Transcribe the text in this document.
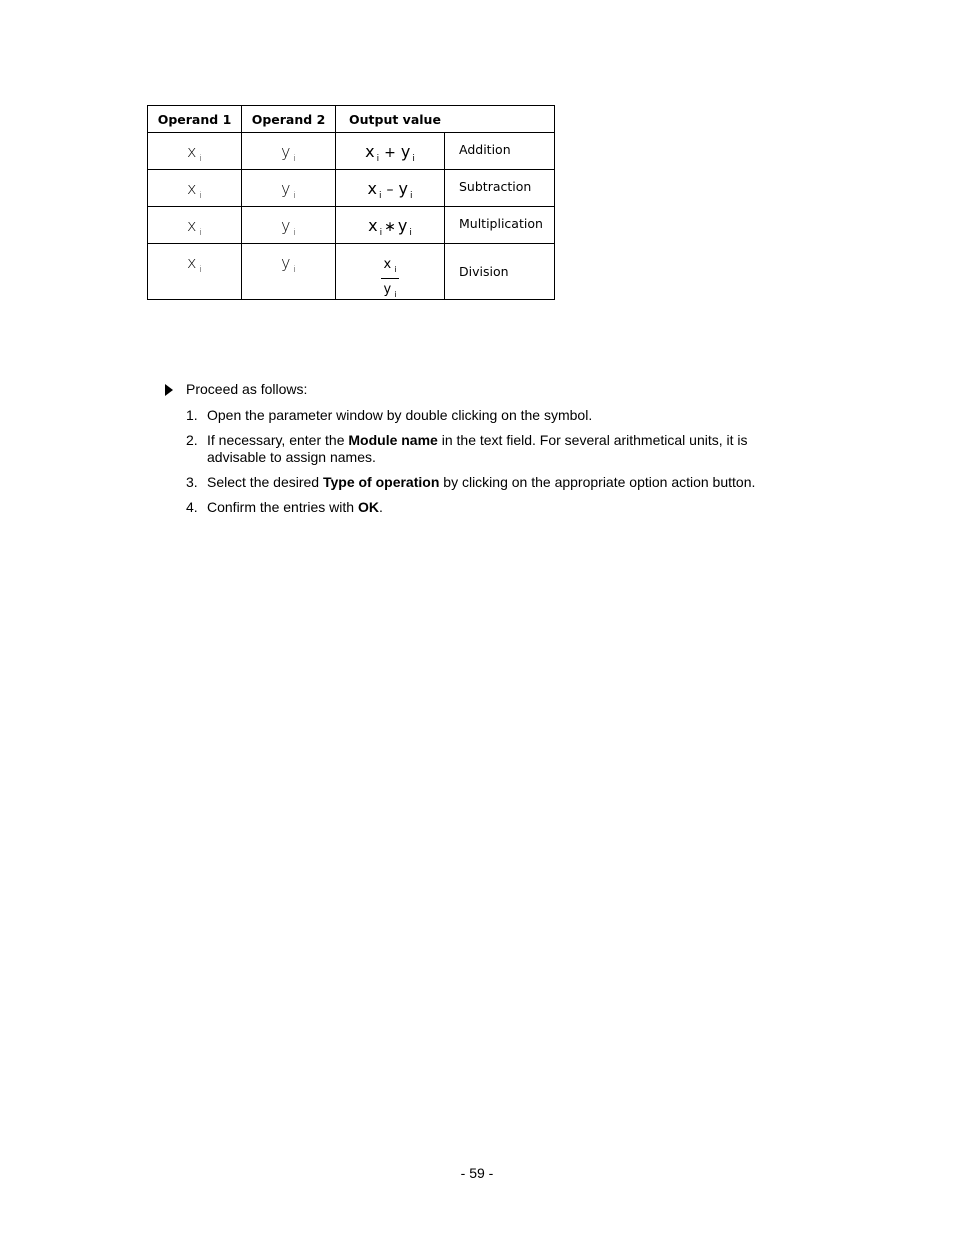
Operand 1	Operand 2	Output value	
x $_i$	y $_i$	x $_i$ + y $_i$	Addition
x $_i$	y $_i$	x $_i$ – y $_i$	Subtraction
x $_i$	y $_i$	x $_i$ ∗ y $_i$	Multiplication
x $_i$	y $_i$	$\frac{x _i}{y _i}$	Division
Proceed as follows:
1. Open the parameter window by double clicking on the symbol.
2. If necessary, enter the Module name in the text field. For several arithmetical units, it is advisable to assign names.
3. Select the desired Type of operation by clicking on the appropriate option action button.
4. Confirm the entries with OK.
- 59 -
